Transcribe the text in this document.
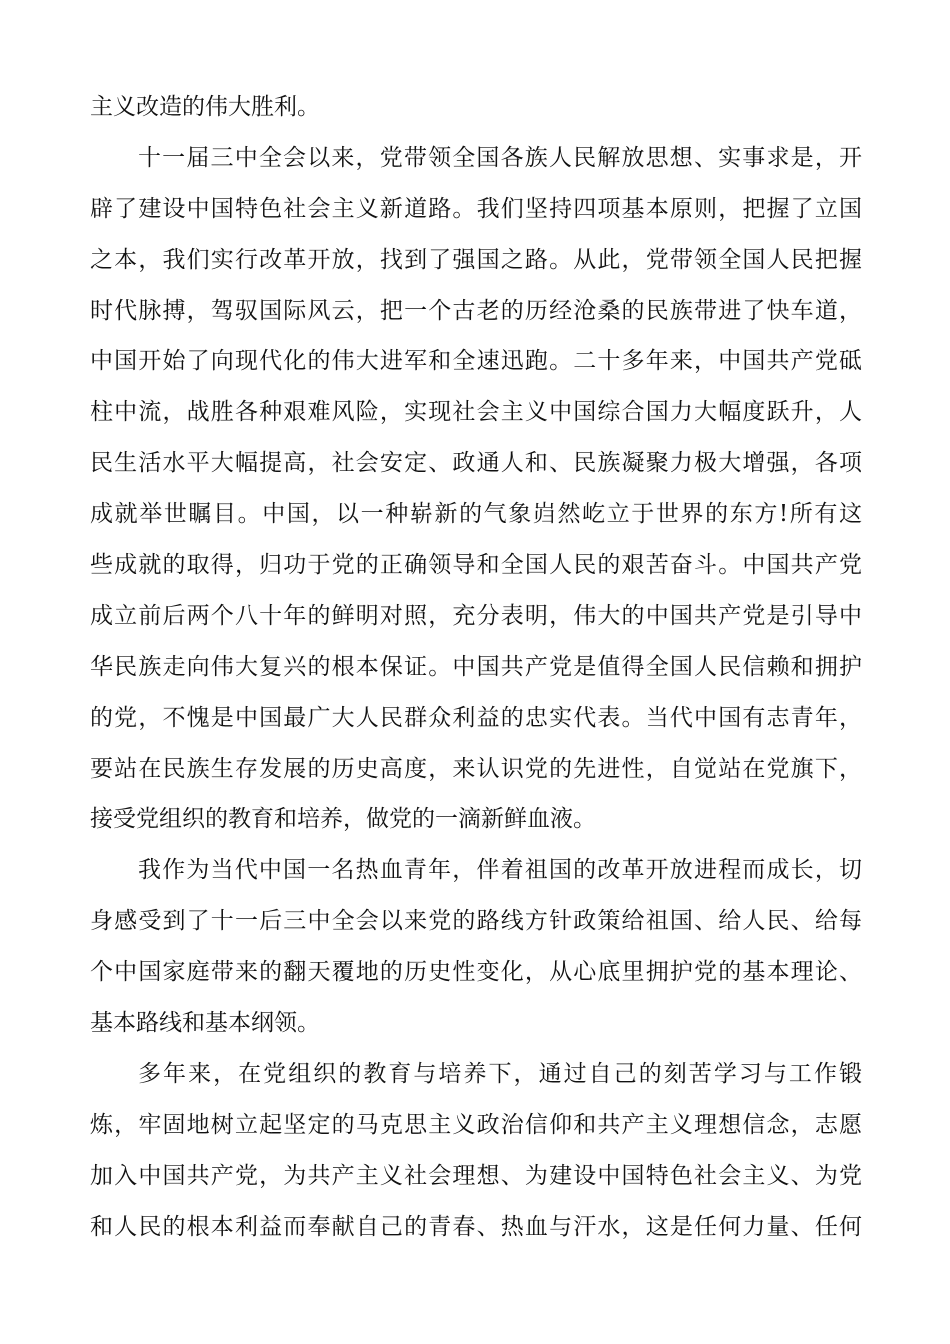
主义改造的伟大胜利。
十一届三中全会以来，党带领全国各族人民解放思想、实事求是，开
辟了建设中国特色社会主义新道路。我们坚持四项基本原则，把握了立国
之本，我们实行改革开放，找到了强国之路。从此，党带领全国人民把握
时代脉搏，驾驭国际风云，把一个古老的历经沧桑的民族带进了快车道，
中国开始了向现代化的伟大进军和全速迅跑。二十多年来，中国共产党砥
柱中流，战胜各种艰难风险，实现社会主义中国综合国力大幅度跃升，人
民生活水平大幅提高，社会安定、政通人和、民族凝聚力极大增强，各项
成就举世瞩目。中国，以一种崭新的气象岿然屹立于世界的东方!所有这
些成就的取得，归功于党的正确领导和全国人民的艰苦奋斗。中国共产党
成立前后两个八十年的鲜明对照，充分表明，伟大的中国共产党是引导中
华民族走向伟大复兴的根本保证。中国共产党是值得全国人民信赖和拥护
的党，不愧是中国最广大人民群众利益的忠实代表。当代中国有志青年，
要站在民族生存发展的历史高度，来认识党的先进性，自觉站在党旗下，
接受党组织的教育和培养，做党的一滴新鲜血液。
我作为当代中国一名热血青年，伴着祖国的改革开放进程而成长，切
身感受到了十一后三中全会以来党的路线方针政策给祖国、给人民、给每
个中国家庭带来的翻天覆地的历史性变化，从心底里拥护党的基本理论、
基本路线和基本纲领。
多年来，在党组织的教育与培养下，通过自己的刻苦学习与工作锻
炼，牢固地树立起坚定的马克思主义政治信仰和共产主义理想信念，志愿
加入中国共产党，为共产主义社会理想、为建设中国特色社会主义、为党
和人民的根本利益而奉献自己的青春、热血与汗水，这是任何力量、任何
